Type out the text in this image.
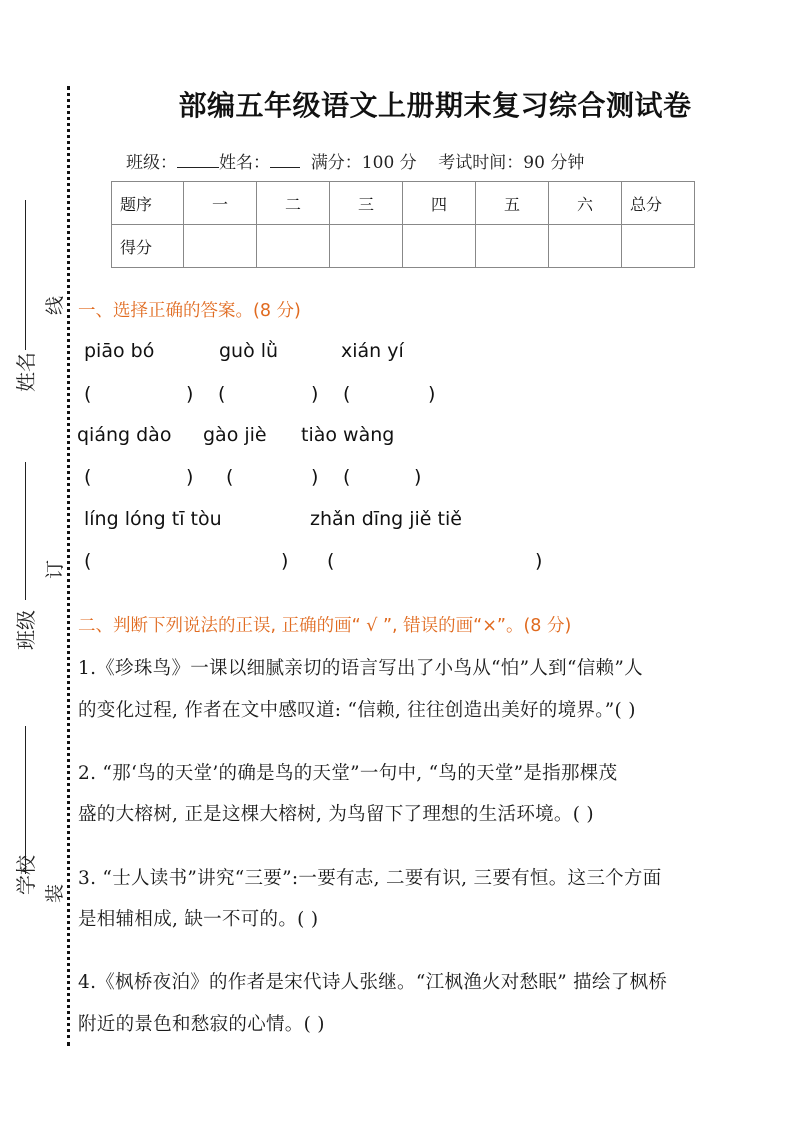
姓名
班级
学校
线
订
装
部编五年级语文上册期末复习综合测试卷
班级： 姓名： 满分：100 分 考试时间：90 分钟
题序	一	二	三	四	五	六	总分
得分							
一、选择正确的答案。(8 分)
piāo bó	guò lǜ	xián yí
(	) (	) (	)
qiáng dào gào jiè tiào wàng
(	) (	) (	)
líng lóng tī tòu	zhǎn dīng jiě tiě
(	) (	)
二、判断下列说法的正误, 正确的画“ √ ”, 错误的画“×”。(8 分)
1.《珍珠鸟》一课以细腻亲切的语言写出了小鸟从“怕”人到“信赖”人
的变化过程, 作者在文中感叹道: “信赖, 往往创造出美好的境界。”( )
2. “那‘鸟的天堂’的确是鸟的天堂”一句中, “鸟的天堂”是指那棵茂
盛的大榕树, 正是这棵大榕树, 为鸟留下了理想的生活环境。( )
3. “士人读书”讲究“三要”:一要有志, 二要有识, 三要有恒。这三个方面
是相辅相成, 缺一不可的。( )
4.《枫桥夜泊》的作者是宋代诗人张继。“江枫渔火对愁眠” 描绘了枫桥
附近的景色和愁寂的心情。( )
